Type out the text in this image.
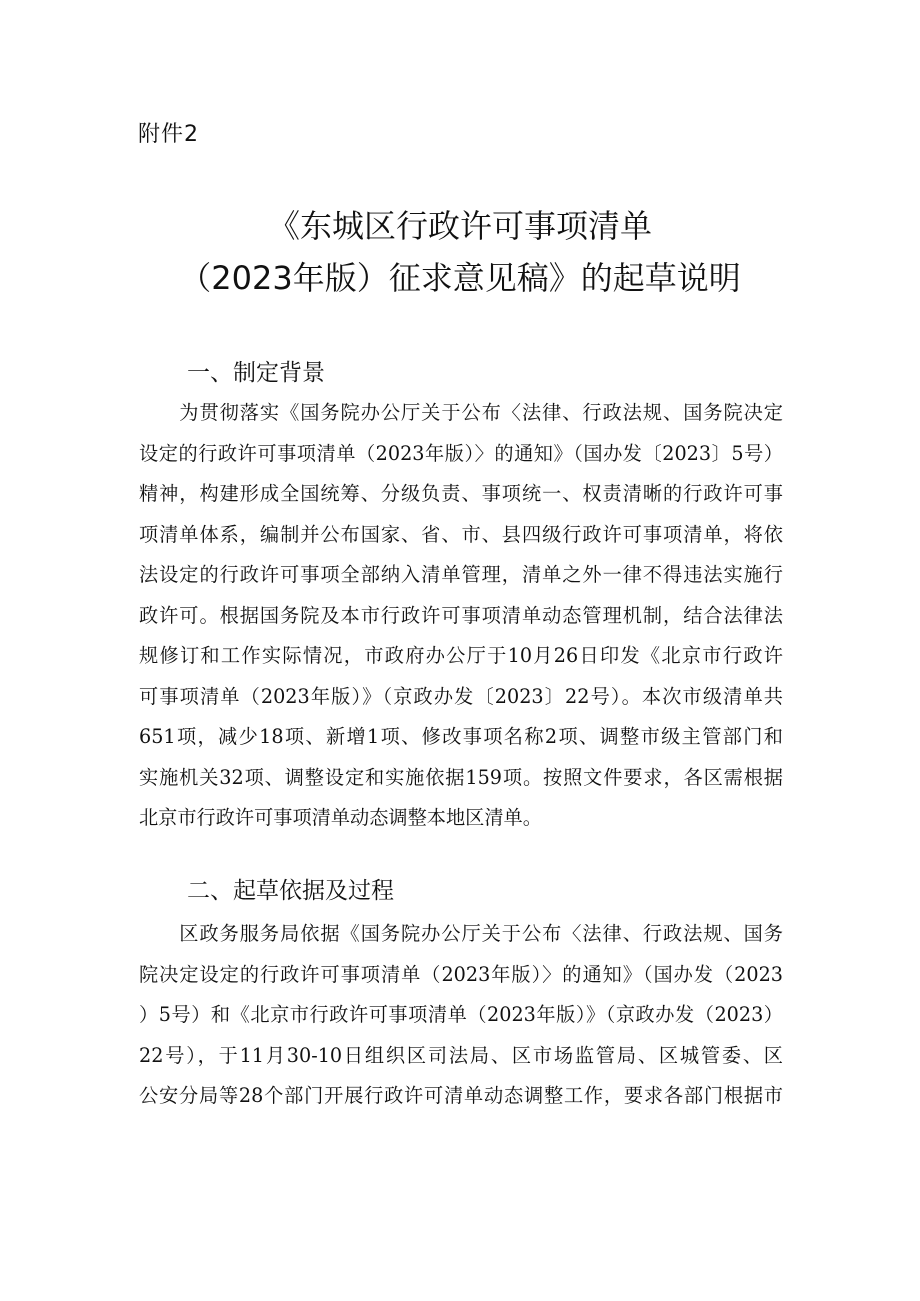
附件2
《东城区行政许可事项清单
（2023年版）征求意见稿》的起草说明
一、制定背景
　　为贯彻落实《国务院办公厅关于公布〈法律、行政法规、国务院决定
设定的行政许可事项清单（2023年版）〉的通知》（国办发〔2023〕5号）
精神，构建形成全国统筹、分级负责、事项统一、权责清晰的行政许可事
项清单体系，编制并公布国家、省、市、县四级行政许可事项清单，将依
法设定的行政许可事项全部纳入清单管理，清单之外一律不得违法实施行
政许可。根据国务院及本市行政许可事项清单动态管理机制，结合法律法
规修订和工作实际情况，市政府办公厅于10月26日印发《北京市行政许
可事项清单（2023年版）》（京政办发〔2023〕22号）。本次市级清单共
651项，减少18项、新增1项、修改事项名称2项、调整市级主管部门和
实施机关32项、调整设定和实施依据159项。按照文件要求，各区需根据
北京市行政许可事项清单动态调整本地区清单。
二、起草依据及过程
　　区政务服务局依据《国务院办公厅关于公布〈法律、行政法规、国务
院决定设定的行政许可事项清单（2023年版）〉的通知》（国办发（2023
）5号）和《北京市行政许可事项清单（2023年版）》（京政办发（2023）
22号），于11月30-10日组织区司法局、区市场监管局、区城管委、区
公安分局等28个部门开展行政许可清单动态调整工作，要求各部门根据市
